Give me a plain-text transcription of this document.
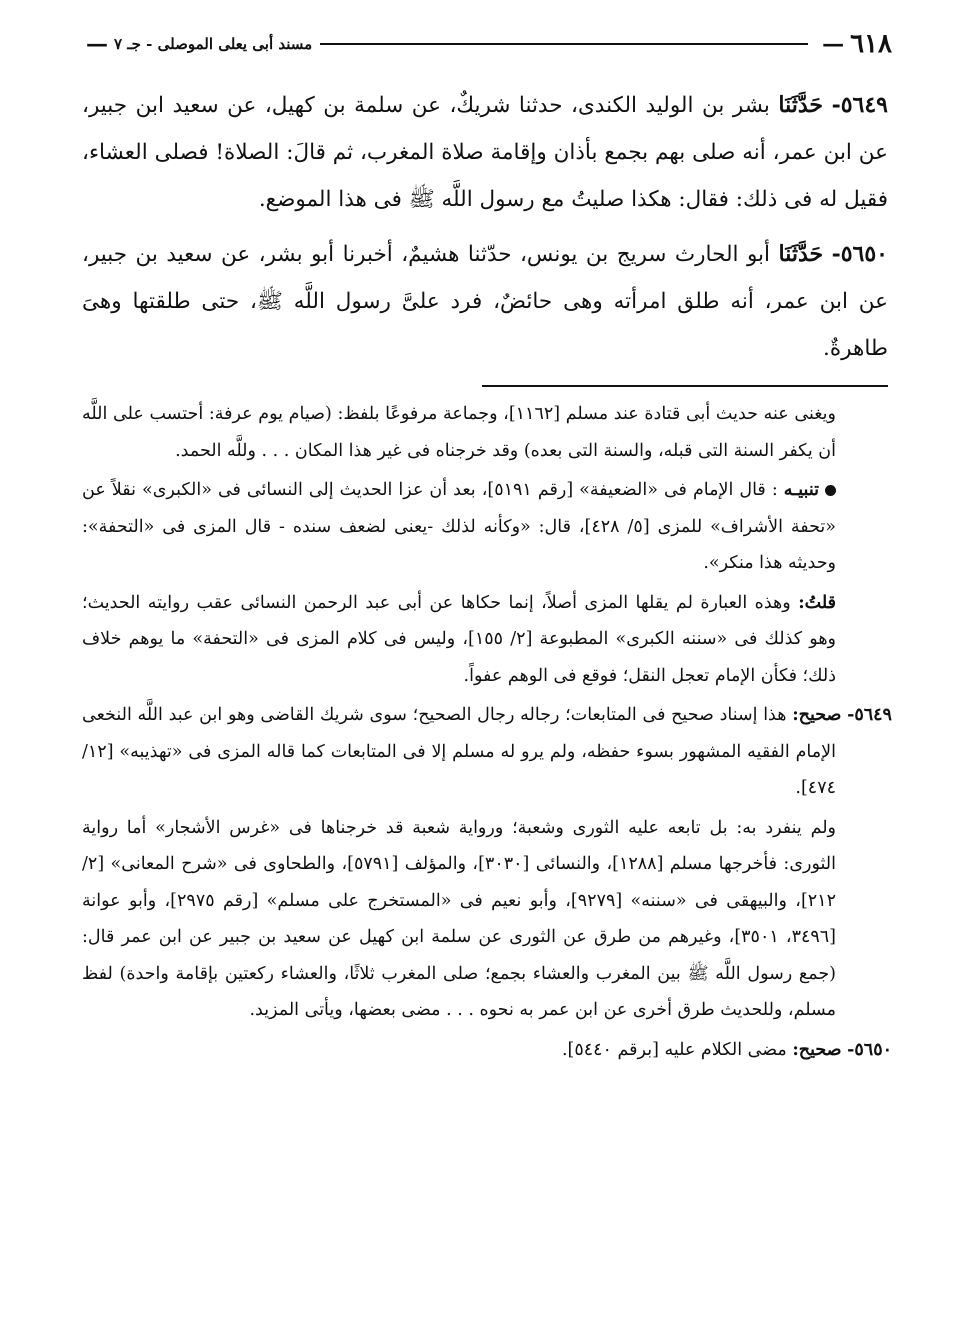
٦١٨
—
مسند أبى يعلى الموصلى - جـ ٧
—

٥٦٤٩- حَدَّثَنَا بشر بن الوليد الكندى، حدثنا شريكٌ، عن سلمة بن كهيل، عن سعيد ابن جبير، عن ابن عمر، أنه صلى بهم بجمع بأذان وإقامة صلاة المغرب، ثم قالَ: الصلاة! فصلى العشاء، فقيل له فى ذلك: فقال: هكذا صليتُ مع رسول اللَّه ﷺ فى هذا الموضع.

٥٦٥٠- حَدَّثَنَا أبو الحارث سريج بن يونس، حدّثنا هشيمٌ، أخبرنا أبو بشر، عن سعيد بن جبير، عن ابن عمر، أنه طلق امرأته وهى حائضٌ، فرد علىَّ رسول اللَّه ﷺ، حتى طلقتها وهىَ طاهرةٌ.

ويغنى عنه حديث أبى قتادة عند مسلم [١١٦٢]، وجماعة مرفوعًا بلفظ: (صيام يوم عرفة: أحتسب على اللَّه أن يكفر السنة التى قبله، والسنة التى بعده) وقد خرجناه فى غير هذا المكان . . . وللَّه الحمد.

تنبيـه : قال الإمام فى «الضعيفة» [رقم ٥١٩١]، بعد أن عزا الحديث إلى النسائى فى «الكبرى» نقلاً عن «تحفة الأشراف» للمزى [٥/ ٤٢٨]، قال: «وكأنه لذلك -يعنى لضعف سنده - قال المزى فى «التحفة»: وحديثه هذا منكر».

قلتُ: وهذه العبارة لم يقلها المزى أصلاً، إنما حكاها عن أبى عبد الرحمن النسائى عقب روايته الحديث؛ وهو كذلك فى «سننه الكبرى» المطبوعة [٢/ ١٥٥]، وليس فى كلام المزى فى «التحفة» ما يوهم خلاف ذلك؛ فكأن الإمام تعجل النقل؛ فوقع فى الوهم عفواً.

٥٦٤٩- صحيح: هذا إسناد صحيح فى المتابعات؛ رجاله رجال الصحيح؛ سوى شريك القاضى وهو ابن عبد اللَّه النخعى الإمام الفقيه المشهور بسوء حفظه، ولم يرو له مسلم إلا فى المتابعات كما قاله المزى فى «تهذيبه» [١٢/ ٤٧٤].

ولم ينفرد به: بل تابعه عليه الثورى وشعبة؛ ورواية شعبة قد خرجناها فى «غرس الأشجار» أما رواية الثورى: فأخرجها مسلم [١٢٨٨]، والنسائى [٣٠٣٠]، والمؤلف [٥٧٩١]، والطحاوى فى «شرح المعانى» [٢/ ٢١٢]، والبيهقى فى «سننه» [٩٢٧٩]، وأبو نعيم فى «المستخرج على مسلم» [رقم ٢٩٧٥]، وأبو عوانة [٣٤٩٦، ٣٥٠١]، وغيرهم من طرق عن الثورى عن سلمة ابن كهيل عن سعيد بن جبير عن ابن عمر قال: (جمع رسول اللَّه ﷺ بين المغرب والعشاء بجمع؛ صلى المغرب ثلاثًا، والعشاء ركعتين بإقامة واحدة) لفظ مسلم، وللحديث طرق أخرى عن ابن عمر به نحوه . . . مضى بعضها، ويأتى المزيد.

٥٦٥٠- صحيح: مضى الكلام عليه [برقم ٥٤٤٠].
